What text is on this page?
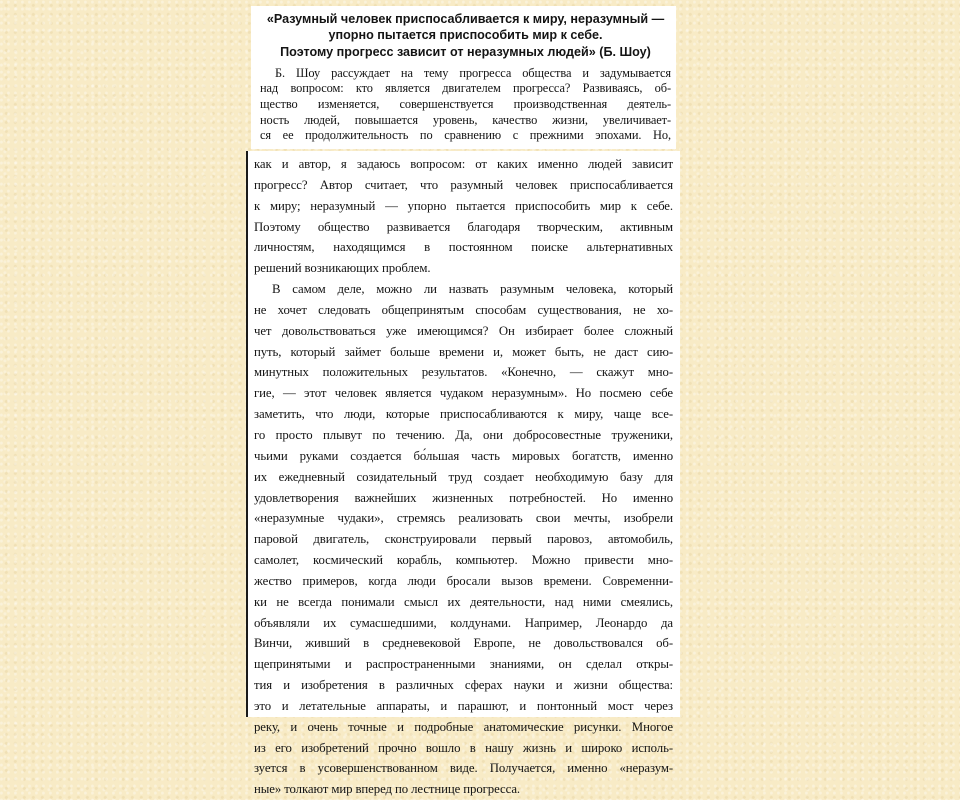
«Разумный человек приспосабливается к миру, неразумный —
упорно пытается приспособить мир к себе.
Поэтому прогресс зависит от неразумных людей» (Б. Шоу)
Б. Шоу рассуждает на тему прогресса общества и задумывается
над вопросом: кто является двигателем прогресса? Развиваясь, об-
щество изменяется, совершенствуется производственная деятель-
ность людей, повышается уровень, качество жизни, увеличивает-
ся ее продолжительность по сравнению с прежними эпохами. Но,
как и автор, я задаюсь вопросом: от каких именно людей зависит
прогресс? Автор считает, что разумный человек приспосабливается
к миру; неразумный — упорно пытается приспособить мир к себе.
Поэтому общество развивается благодаря творческим, активным
личностям, находящимся в постоянном поиске альтернативных
решений возникающих проблем.
В самом деле, можно ли назвать разумным человека, который
не хочет следовать общепринятым способам существования, не хо-
чет довольствоваться уже имеющимся? Он избирает более сложный
путь, который займет больше времени и, может быть, не даст сию-
минутных положительных результатов. «Конечно, — скажут мно-
гие, — этот человек является чудаком неразумным». Но посмею себе
заметить, что люди, которые приспосабливаются к миру, чаще все-
го просто плывут по течению. Да, они добросовестные труженики,
чьими руками создается бо́льшая часть мировых богатств, именно
их ежедневный созидательный труд создает необходимую базу для
удовлетворения важнейших жизненных потребностей. Но именно
«неразумные чудаки», стремясь реализовать свои мечты, изобрели
паровой двигатель, сконструировали первый паровоз, автомобиль,
самолет, космический корабль, компьютер. Можно привести мно-
жество примеров, когда люди бросали вызов времени. Современни-
ки не всегда понимали смысл их деятельности, над ними смеялись,
объявляли их сумасшедшими, колдунами. Например, Леонардо да
Винчи, живший в средневековой Европе, не довольствовался об-
щепринятыми и распространенными знаниями, он сделал откры-
тия и изобретения в различных сферах науки и жизни общества:
это и летательные аппараты, и парашют, и понтонный мост через
реку, и очень точные и подробные анатомические рисунки. Многое
из его изобретений прочно вошло в нашу жизнь и широко исполь-
зуется в усовершенствованном виде. Получается, именно «неразум-
ные» толкают мир вперед по лестнице прогресса.
